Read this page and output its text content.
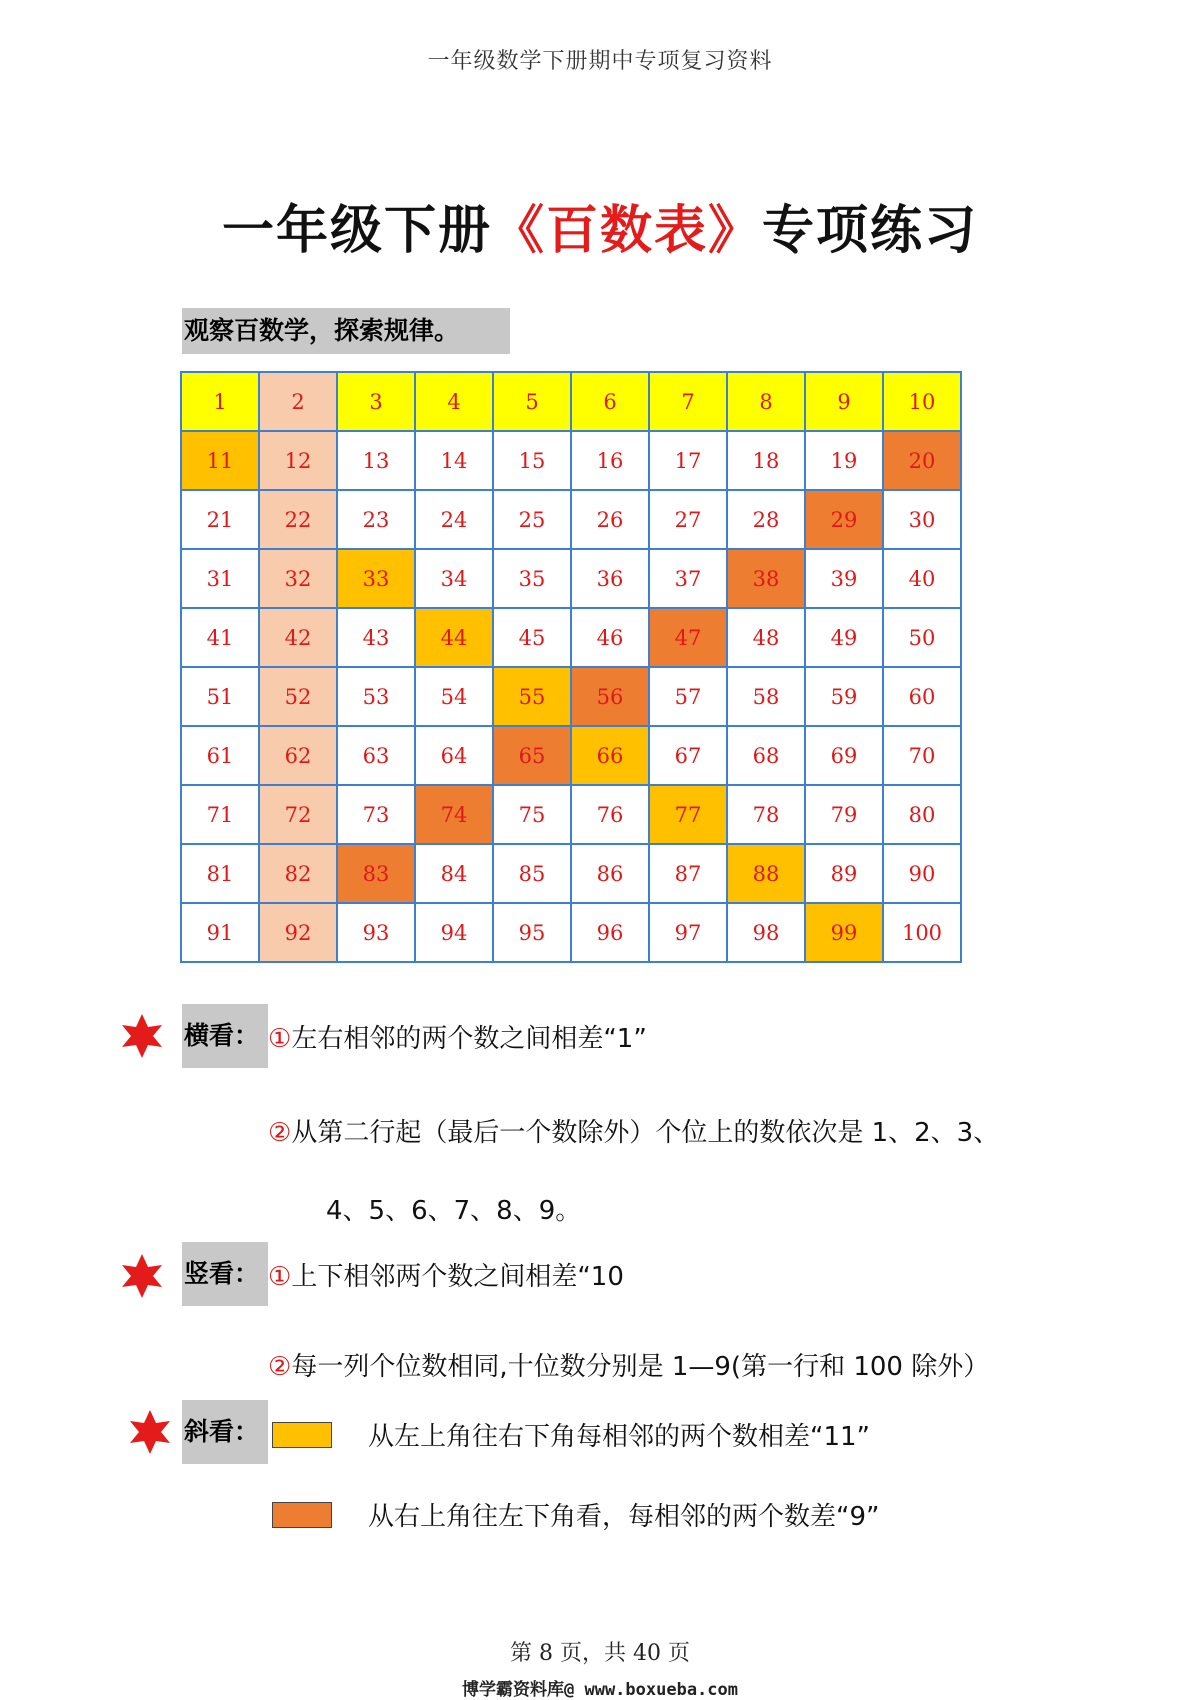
一年级数学下册期中专项复习资料
一年级下册《百数表》专项练习
观察百数学，探索规律。
1	2	3	4	5	6	7	8	9	10
11	12	13	14	15	16	17	18	19	20
21	22	23	24	25	26	27	28	29	30
31	32	33	34	35	36	37	38	39	40
41	42	43	44	45	46	47	48	49	50
51	52	53	54	55	56	57	58	59	60
61	62	63	64	65	66	67	68	69	70
71	72	73	74	75	76	77	78	79	80
81	82	83	84	85	86	87	88	89	90
91	92	93	94	95	96	97	98	99	100
横看： ①左右相邻的两个数之间相差“1”
②从第二行起（最后一个数除外）个位上的数依次是 1、2、3、
4、5、6、7、8、9。
竖看： ①上下相邻两个数之间相差“10
②每一列个位数相同,十位数分别是 1—9(第一行和 100 除外）
斜看：	从左上角往右下角每相邻的两个数相差“11”
从右上角往左下角看，每相邻的两个数差“9”
第 8 页，共 40 页
博学霸资料库@ www.boxueba.com
